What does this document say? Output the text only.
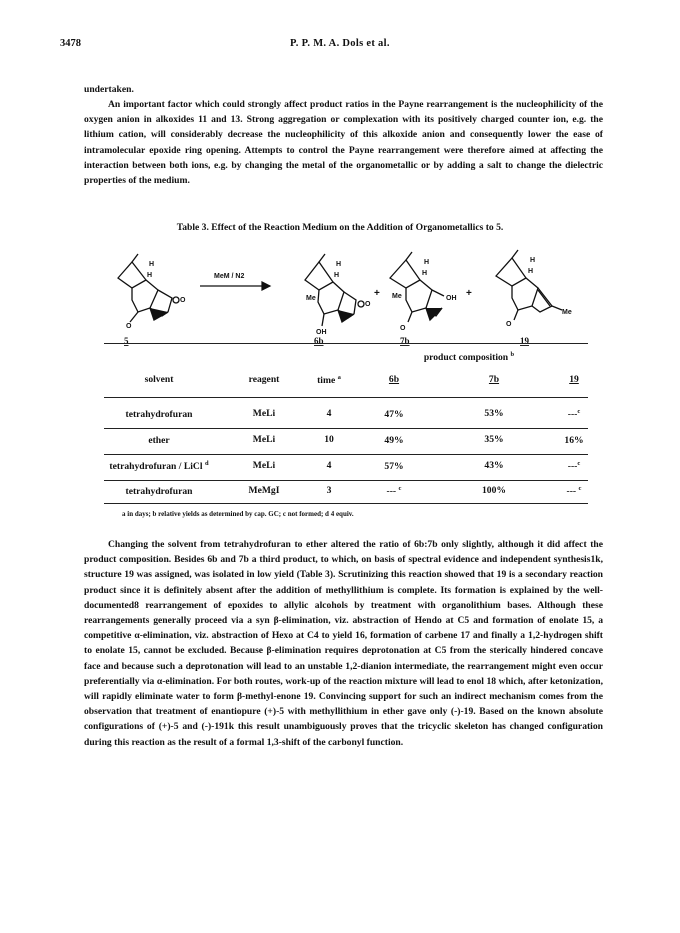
3478	P. P. M. A. Dols et al.
undertaken.
An important factor which could strongly affect product ratios in the Payne rearrangement is the nucleophilicity of the oxygen anion in alkoxides 11 and 13. Strong aggregation or complexation with its positively charged counter ion, e.g. the lithium cation, will considerably decrease the nucleophilicity of this alkoxide anion and consequently lower the ease of intramolecular epoxide ring opening. Attempts to control the Payne rearrangement were therefore aimed at affecting the interaction between both ions, e.g. by changing the metal of the organometallic or by adding a salt to change the dielectric properties of the medium.
Table 3. Effect of the Reaction Medium on the Addition of Organometallics to 5.
H
H
O
O
5
MeM / N2
H
H
Me
OH
O
6b
+
H
H
Me	OH
O
7b
+
H
H
O
Me
19
product composition $^b$
solvent	reagent	time $^a$	6b	7b	19
tetrahydrofuran	MeLi	4	47%	53%	---$^c$
ether	MeLi	10	49%	35%	16%
tetrahydrofuran / LiCl $^d$	MeLi	4	57%	43%	---$^c$
tetrahydrofuran	MeMgI	3	--- $^c$	100%	--- $^c$
a in days; b relative yields as determined by cap. GC; c not formed; d 4 equiv.
Changing the solvent from tetrahydrofuran to ether altered the ratio of 6b:7b only slightly, although it did affect the product composition. Besides 6b and 7b a third product, to which, on basis of spectral evidence and independent synthesis1k, structure 19 was assigned, was isolated in low yield (Table 3). Scrutinizing this reaction showed that 19 is a secondary reaction product since it is definitely absent after the addition of methyllithium is complete. Its formation is explained by the well-documented8 rearrangement of epoxides to allylic alcohols by treatment with organolithium bases. Although these rearrangements generally proceed via a syn β-elimination, viz. abstraction of Hendo at C5 and formation of enolate 15, a competitive α-elimination, viz. abstraction of Hexo at C4 to yield 16, formation of carbene 17 and finally a 1,2-hydrogen shift to enolate 15, cannot be excluded. Because β-elimination requires deprotonation at C5 from the sterically hindered concave face and because such a deprotonation will lead to an unstable 1,2-dianion intermediate, the rearrangement might even occur preferentially via α-elimination. For both routes, work-up of the reaction mixture will lead to enol 18 which, after ketonization, will rapidly eliminate water to form β-methyl-enone 19. Convincing support for such an indirect mechanism comes from the observation that treatment of enantiopure (+)-5 with methyllithium in ether gave only (-)-19. Based on the known absolute configurations of (+)-5 and (-)-191k this result unambiguously proves that the tricyclic skeleton has changed configuration during this reaction as the result of a formal 1,3-shift of the carbonyl function.
